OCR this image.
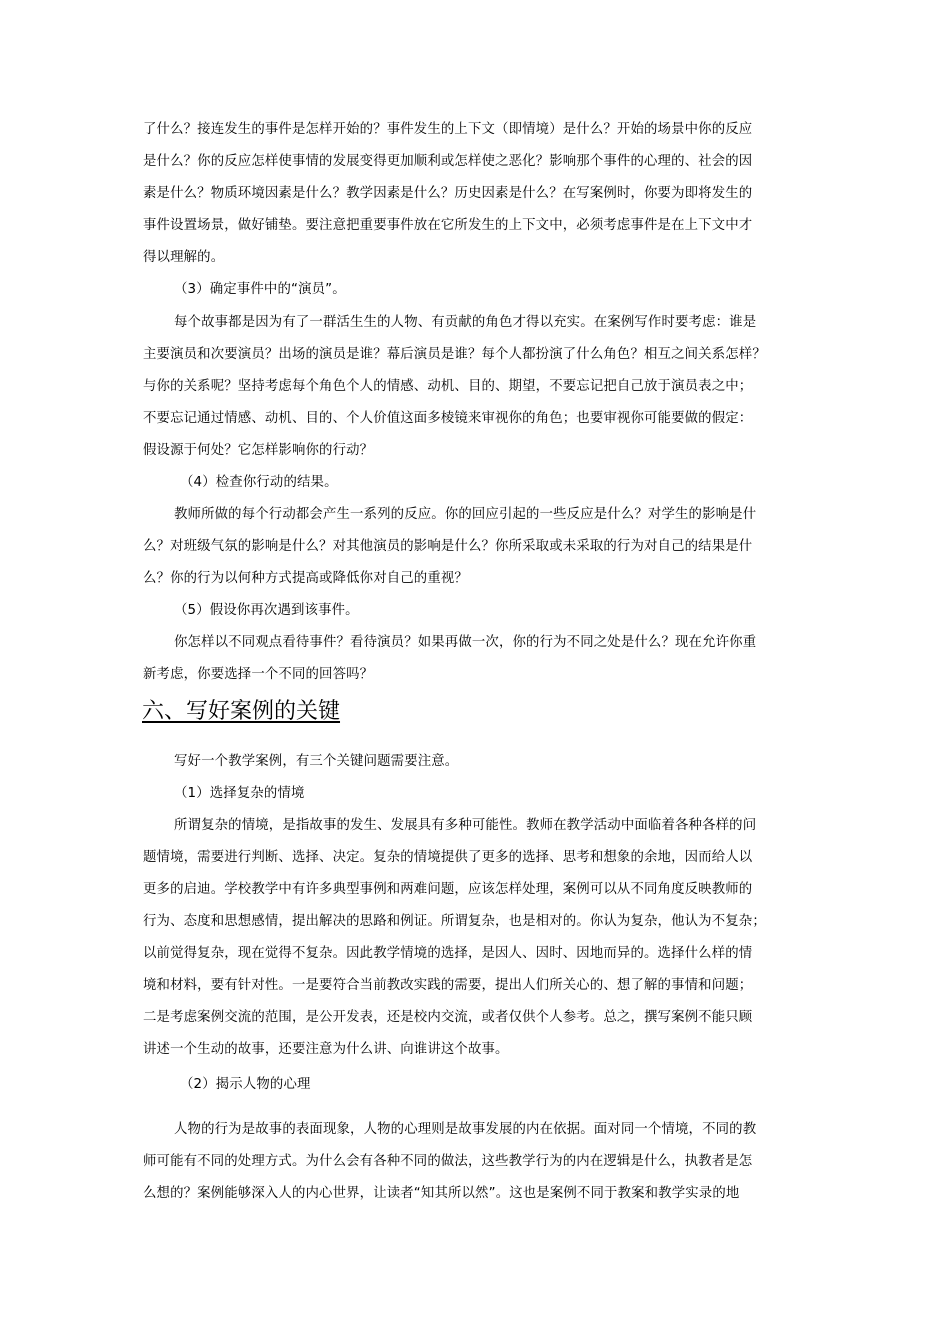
了什么？接连发生的事件是怎样开始的？事件发生的上下文（即情境）是什么？开始的场景中你的反应
是什么？你的反应怎样使事情的发展变得更加顺利或怎样使之恶化？影响那个事件的心理的、社会的因
素是什么？物质环境因素是什么？教学因素是什么？历史因素是什么？在写案例时，你要为即将发生的
事件设置场景，做好铺垫。要注意把重要事件放在它所发生的上下文中，必须考虑事件是在上下文中才
得以理解的。
（3）确定事件中的“演员”。
每个故事都是因为有了一群活生生的人物、有贡献的角色才得以充实。在案例写作时要考虑：谁是
主要演员和次要演员？出场的演员是谁？幕后演员是谁？每个人都扮演了什么角色？相互之间关系怎样？
与你的关系呢？坚持考虑每个角色个人的情感、动机、目的、期望，不要忘记把自己放于演员表之中；
不要忘记通过情感、动机、目的、个人价值这面多棱镜来审视你的角色；也要审视你可能要做的假定：
假设源于何处？它怎样影响你的行动？
（4）检查你行动的结果。
教师所做的每个行动都会产生一系列的反应。你的回应引起的一些反应是什么？对学生的影响是什
么？对班级气氛的影响是什么？对其他演员的影响是什么？你所采取或未采取的行为对自己的结果是什
么？你的行为以何种方式提高或降低你对自己的重视？
（5）假设你再次遇到该事件。
你怎样以不同观点看待事件？看待演员？如果再做一次，你的行为不同之处是什么？现在允许你重
新考虑，你要选择一个不同的回答吗？
六、写好案例的关键
写好一个教学案例，有三个关键问题需要注意。
（1）选择复杂的情境
所谓复杂的情境，是指故事的发生、发展具有多种可能性。教师在教学活动中面临着各种各样的问
题情境，需要进行判断、选择、决定。复杂的情境提供了更多的选择、思考和想象的余地，因而给人以
更多的启迪。学校教学中有许多典型事例和两难问题，应该怎样处理，案例可以从不同角度反映教师的
行为、态度和思想感情，提出解决的思路和例证。所谓复杂，也是相对的。你认为复杂，他认为不复杂；
以前觉得复杂，现在觉得不复杂。因此教学情境的选择，是因人、因时、因地而异的。选择什么样的情
境和材料，要有针对性。一是要符合当前教改实践的需要，提出人们所关心的、想了解的事情和问题；
二是考虑案例交流的范围，是公开发表，还是校内交流，或者仅供个人参考。总之，撰写案例不能只顾
讲述一个生动的故事，还要注意为什么讲、向谁讲这个故事。
（2）揭示人物的心理
人物的行为是故事的表面现象，人物的心理则是故事发展的内在依据。面对同一个情境，不同的教
师可能有不同的处理方式。为什么会有各种不同的做法，这些教学行为的内在逻辑是什么，执教者是怎
么想的？案例能够深入人的内心世界，让读者“知其所以然”。这也是案例不同于教案和教学实录的地
